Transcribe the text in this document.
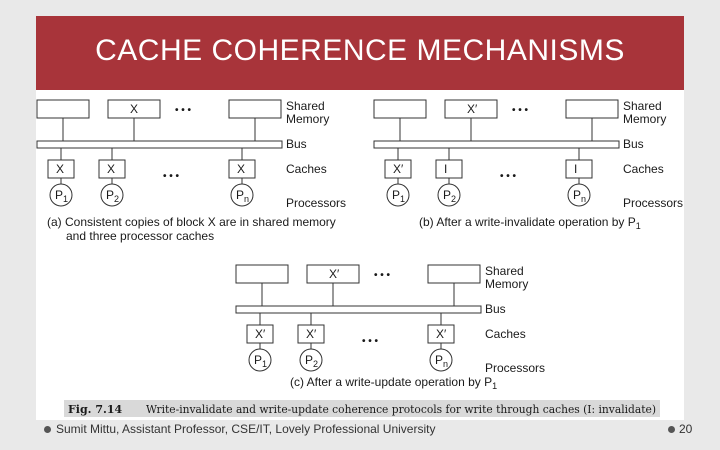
CACHE COHERENCE MECHANISMS
X	• • •
X
$P_1$
X
$P_2$
X
$P_n$
• • •
Shared
Memory
Bus
Caches
Processors
X′	• • •
X′
$P_1$
I
$P_2$
I
$P_n$
• • •
Shared
Memory
Bus
Caches
Processors
X′	• • •
X′
$P_1$
X′
$P_2$
X′
$P_n$
• • •
Shared
Memory
Bus
Caches
Processors
(a) Consistent copies of block X are in shared memory
and three processor caches
(b) After a write-invalidate operation by $P_1$
(c) After a write-update operation by $P_1$
Fig. 7.14 Write-invalidate and write-update coherence protocols for write through caches (I: invalidate)
Sumit Mittu, Assistant Professor, CSE/IT, Lovely Professional University	20
